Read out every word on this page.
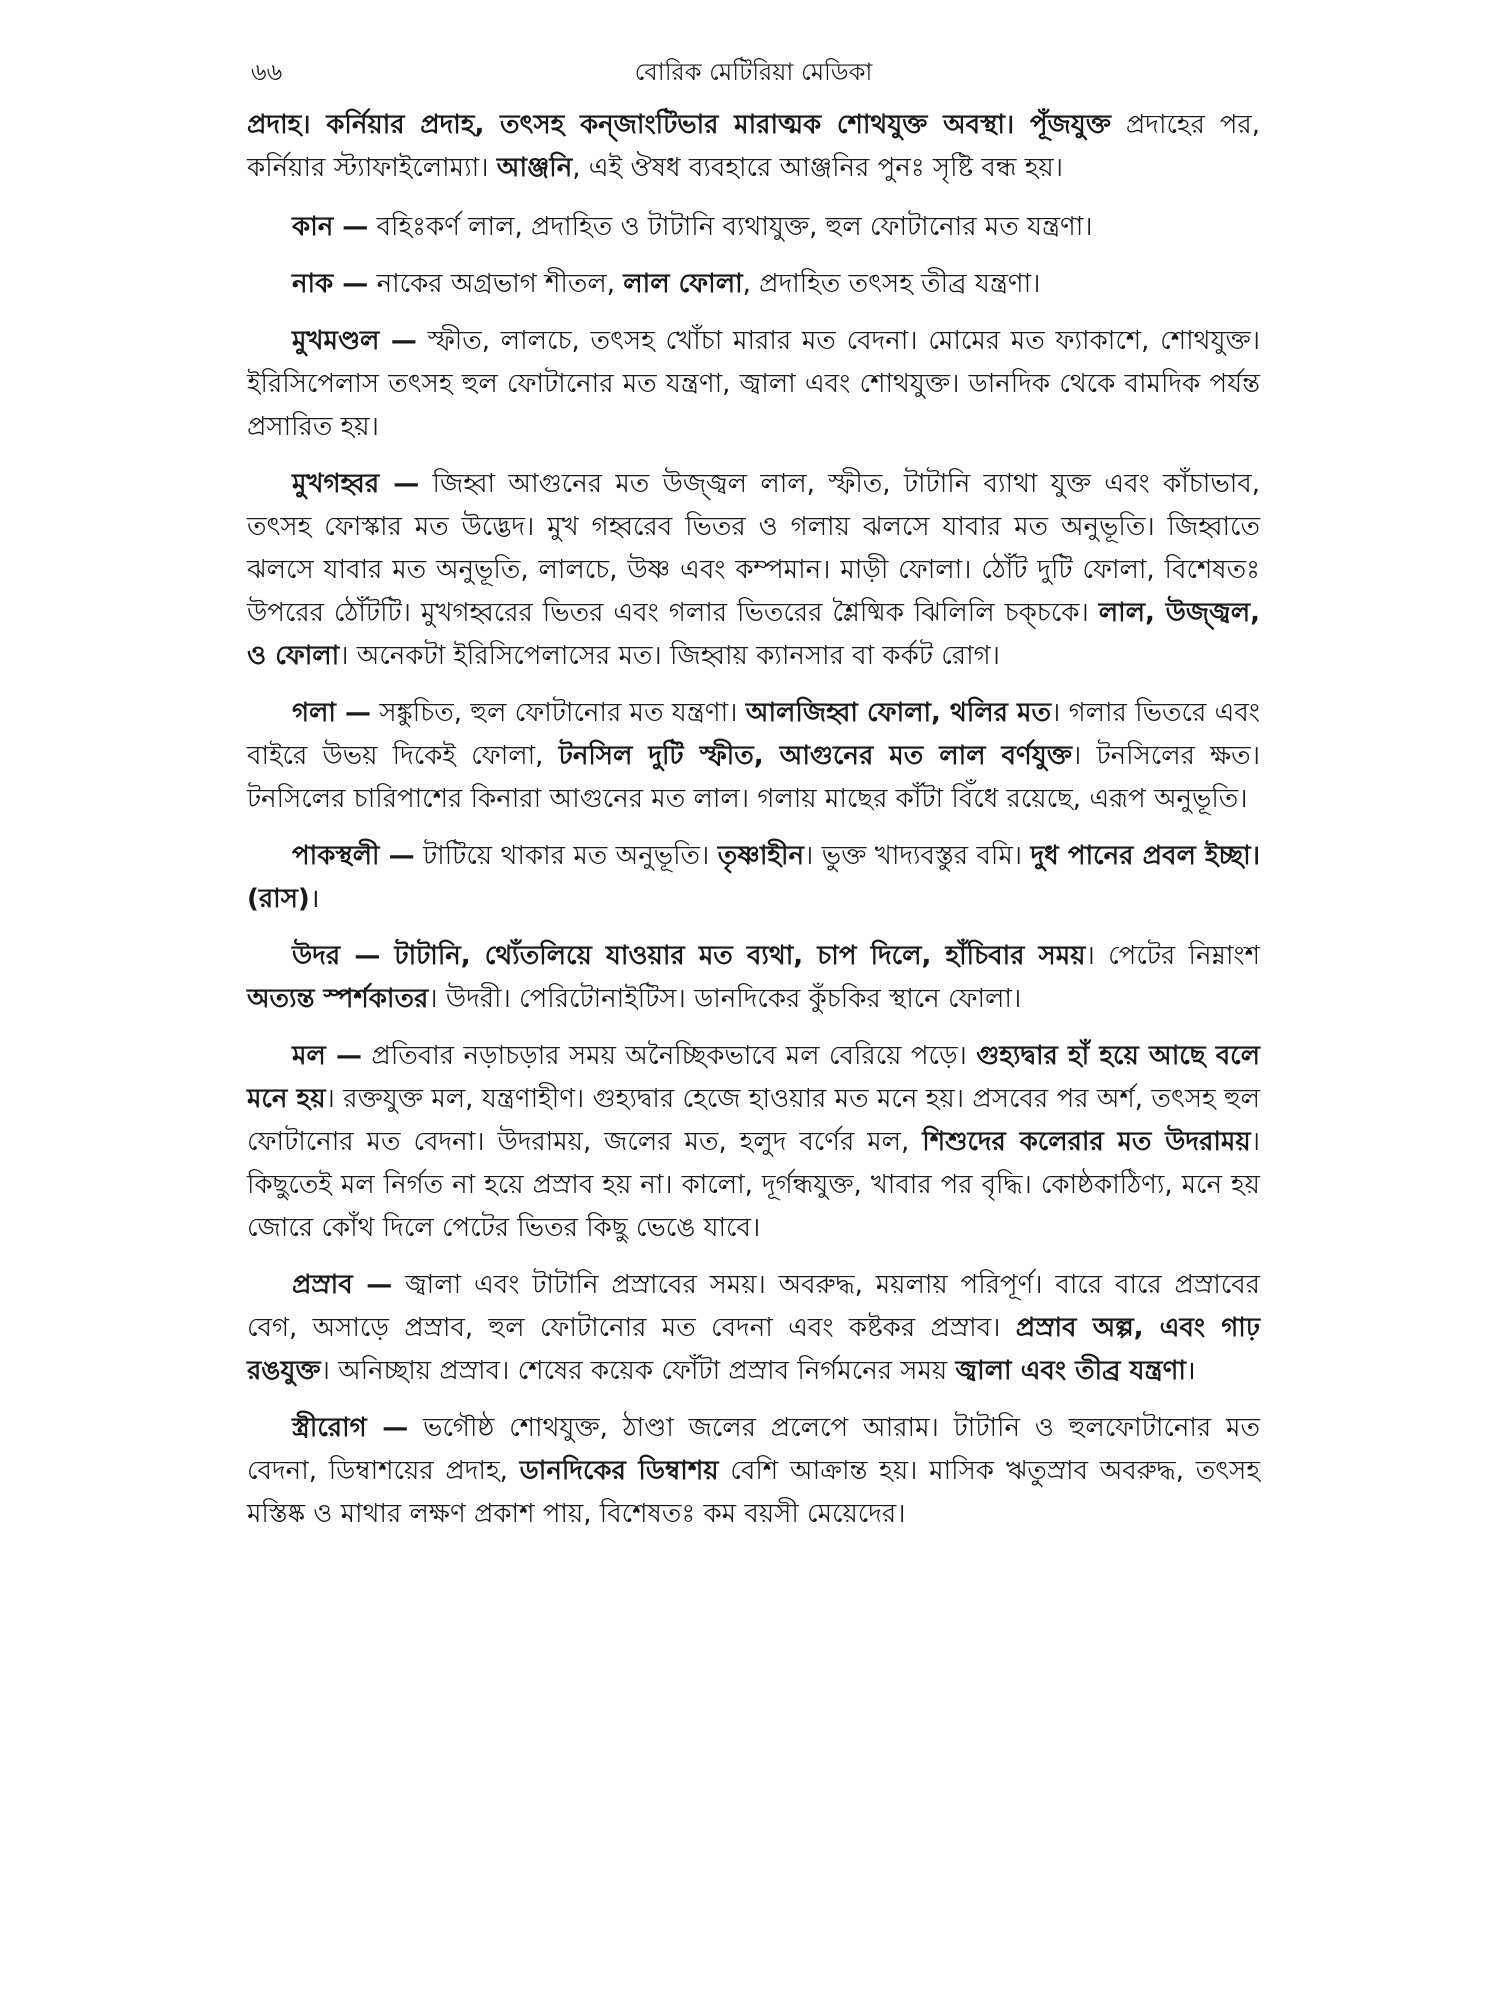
৬৬	বোরিক মেটিরিয়া মেডিকা

প্রদাহ। কর্নিয়ার প্রদাহ, তৎসহ কন্জাংটিভার মারাত্মক শোথযুক্ত অবস্থা। পূঁজযুক্ত প্রদাহের পর, কর্নিয়ার স্ট্যাফাইলোম্যা। আঞ্জনি, এই ঔষধ ব্যবহারে আঞ্জনির পুনঃ সৃষ্টি বন্ধ হয়।

কান — বহিঃকর্ণ লাল, প্রদাহিত ও টাটানি ব্যথাযুক্ত, হুল ফোটানোর মত যন্ত্রণা।

নাক — নাকের অগ্রভাগ শীতল, লাল ফোলা, প্রদাহিত তৎসহ তীব্র যন্ত্রণা।

মুখমণ্ডল — স্ফীত, লালচে, তৎসহ খোঁচা মারার মত বেদনা। মোমের মত ফ্যাকাশে, শোথযুক্ত। ইরিসিপেলাস তৎসহ হুল ফোটানোর মত যন্ত্রণা, জ্বালা এবং শোথযুক্ত। ডানদিক থেকে বামদিক পর্যন্ত প্রসারিত হয়।

মুখগহ্বর — জিহ্বা আগুনের মত উজ্জ্বল লাল, স্ফীত, টাটানি ব্যাথা যুক্ত এবং কাঁচাভাব, তৎসহ ফোস্কার মত উদ্ভেদ। মুখ গহ্বরেব ভিতর ও গলায় ঝলসে যাবার মত অনুভূতি। জিহ্বাতে ঝলসে যাবার মত অনুভূতি, লালচে, উষ্ণ এবং কম্পমান। মাড়ী ফোলা। ঠোঁট দুটি ফোলা, বিশেষতঃ উপরের ঠোঁটটি। মুখগহ্বরের ভিতর এবং গলার ভিতরের শ্লৈষ্মিক ঝিলিলি চক্‌চকে। লাল, উজ্জ্বল, ও ফোলা। অনেকটা ইরিসিপেলাসের মত। জিহ্বায় ক্যানসার বা কর্কট রোগ।

গলা — সঙ্কুচিত, হুল ফোটানোর মত যন্ত্রণা। আলজিহ্বা ফোলা, থলির মত। গলার ভিতরে এবং বাইরে উভয় দিকেই ফোলা, টনসিল দুটি স্ফীত, আগুনের মত লাল বর্ণযুক্ত। টনসিলের ক্ষত। টনসিলের চারিপাশের কিনারা আগুনের মত লাল। গলায় মাছের কাঁটা বিঁধে রয়েছে, এরূপ অনুভূতি।

পাকস্থলী — টাটিয়ে থাকার মত অনুভূতি। তৃষ্ণাহীন। ভুক্ত খাদ্যবস্তুর বমি। দুধ পানের প্রবল ইচ্ছা। (রাস)।

উদর — টাটানি, থ্যেঁতলিয়ে যাওয়ার মত ব্যথা, চাপ দিলে, হাঁচিবার সময়। পেটের নিম্নাংশ অত্যন্ত স্পর্শকাতর। উদরী। পেরিটোনাইটিস। ডানদিকের কুঁচকির স্থানে ফোলা।

মল — প্রতিবার নড়াচড়ার সময় অনৈচ্ছিকভাবে মল বেরিয়ে পড়ে। গুহ্যদ্বার হাঁ হয়ে আছে বলে মনে হয়। রক্তযুক্ত মল, যন্ত্রণাহীণ। গুহ্যদ্বার হেজে হাওয়ার মত মনে হয়। প্রসবের পর অর্শ, তৎসহ হুল ফোটানোর মত বেদনা। উদরাময়, জলের মত, হলুদ বর্ণের মল, শিশুদের কলেরার মত উদরাময়। কিছুতেই মল নির্গত না হয়ে প্রস্রাব হয় না। কালো, দূর্গন্ধযুক্ত, খাবার পর বৃদ্ধি। কোষ্ঠকাঠিণ্য, মনে হয় জোরে কোঁথ দিলে পেটের ভিতর কিছু ভেঙে যাবে।

প্রস্রাব — জ্বালা এবং টাটানি প্রস্রাবের সময়। অবরুদ্ধ, ময়লায় পরিপূর্ণ। বারে বারে প্রস্রাবের বেগ, অসাড়ে প্রস্রাব, হুল ফোটানোর মত বেদনা এবং কষ্টকর প্রস্রাব। প্রস্রাব অল্প, এবং গাঢ় রঙযুক্ত। অনিচ্ছায় প্রস্রাব। শেষের কয়েক ফোঁটা প্রস্রাব নির্গমনের সময় জ্বালা এবং তীব্র যন্ত্রণা।

স্ত্রীরোগ — ভগৌষ্ঠ শোথযুক্ত, ঠাণ্ডা জলের প্রলেপে আরাম। টাটানি ও হুলফোটানোর মত বেদনা, ডিম্বাশয়ের প্রদাহ, ডানদিকের ডিম্বাশয় বেশি আক্রান্ত হয়। মাসিক ঋতুস্রাব অবরুদ্ধ, তৎসহ মস্তিষ্ক ও মাথার লক্ষণ প্রকাশ পায়, বিশেষতঃ কম বয়সী মেয়েদের।
